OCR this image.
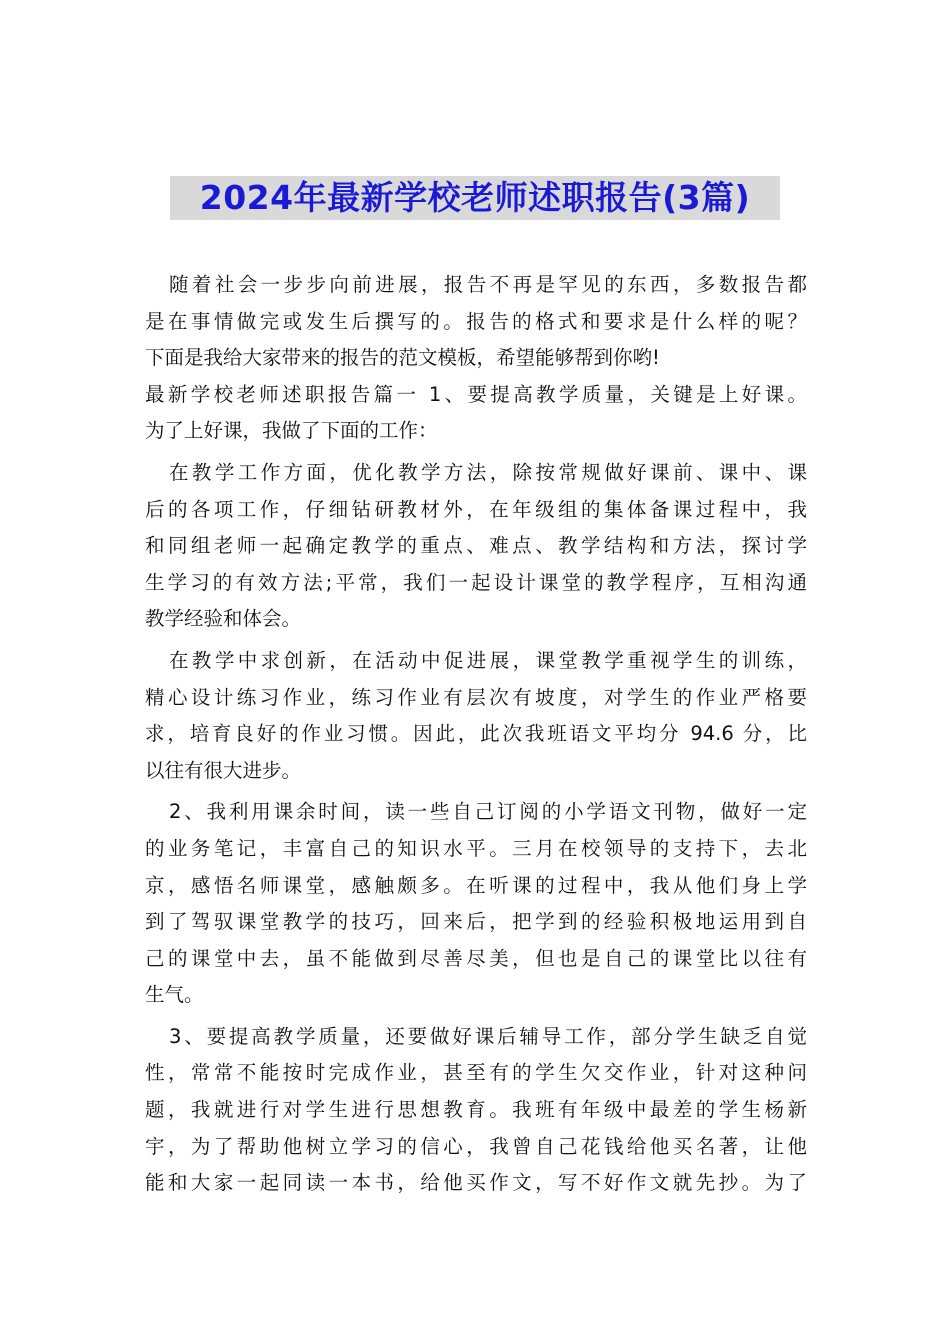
2024年最新学校老师述职报告(3篇)
随着社会一步步向前进展，报告不再是罕见的东西，多数报告都
是在事情做完或发生后撰写的。报告的格式和要求是什么样的呢？
下面是我给大家带来的报告的范文模板，希望能够帮到你哟!
最新学校老师述职报告篇一 1、要提高教学质量，关键是上好课。
为了上好课，我做了下面的工作：
在教学工作方面，优化教学方法，除按常规做好课前、课中、课
后的各项工作，仔细钻研教材外，在年级组的集体备课过程中，我
和同组老师一起确定教学的重点、难点、教学结构和方法，探讨学
生学习的有效方法;平常，我们一起设计课堂的教学程序，互相沟通
教学经验和体会。
在教学中求创新，在活动中促进展，课堂教学重视学生的训练，
精心设计练习作业，练习作业有层次有坡度，对学生的作业严格要
求，培育良好的作业习惯。因此，此次我班语文平均分 94.6 分，比
以往有很大进步。
2、我利用课余时间，读一些自己订阅的小学语文刊物，做好一定
的业务笔记，丰富自己的知识水平。三月在校领导的支持下，去北
京，感悟名师课堂，感触颇多。在听课的过程中，我从他们身上学
到了驾驭课堂教学的技巧，回来后，把学到的经验积极地运用到自
己的课堂中去，虽不能做到尽善尽美，但也是自己的课堂比以往有
生气。
3、要提高教学质量，还要做好课后辅导工作，部分学生缺乏自觉
性，常常不能按时完成作业，甚至有的学生欠交作业，针对这种问
题，我就进行对学生进行思想教育。我班有年级中最差的学生杨新
宇，为了帮助他树立学习的信心，我曾自己花钱给他买名著，让他
能和大家一起同读一本书，给他买作文，写不好作文就先抄。为了
